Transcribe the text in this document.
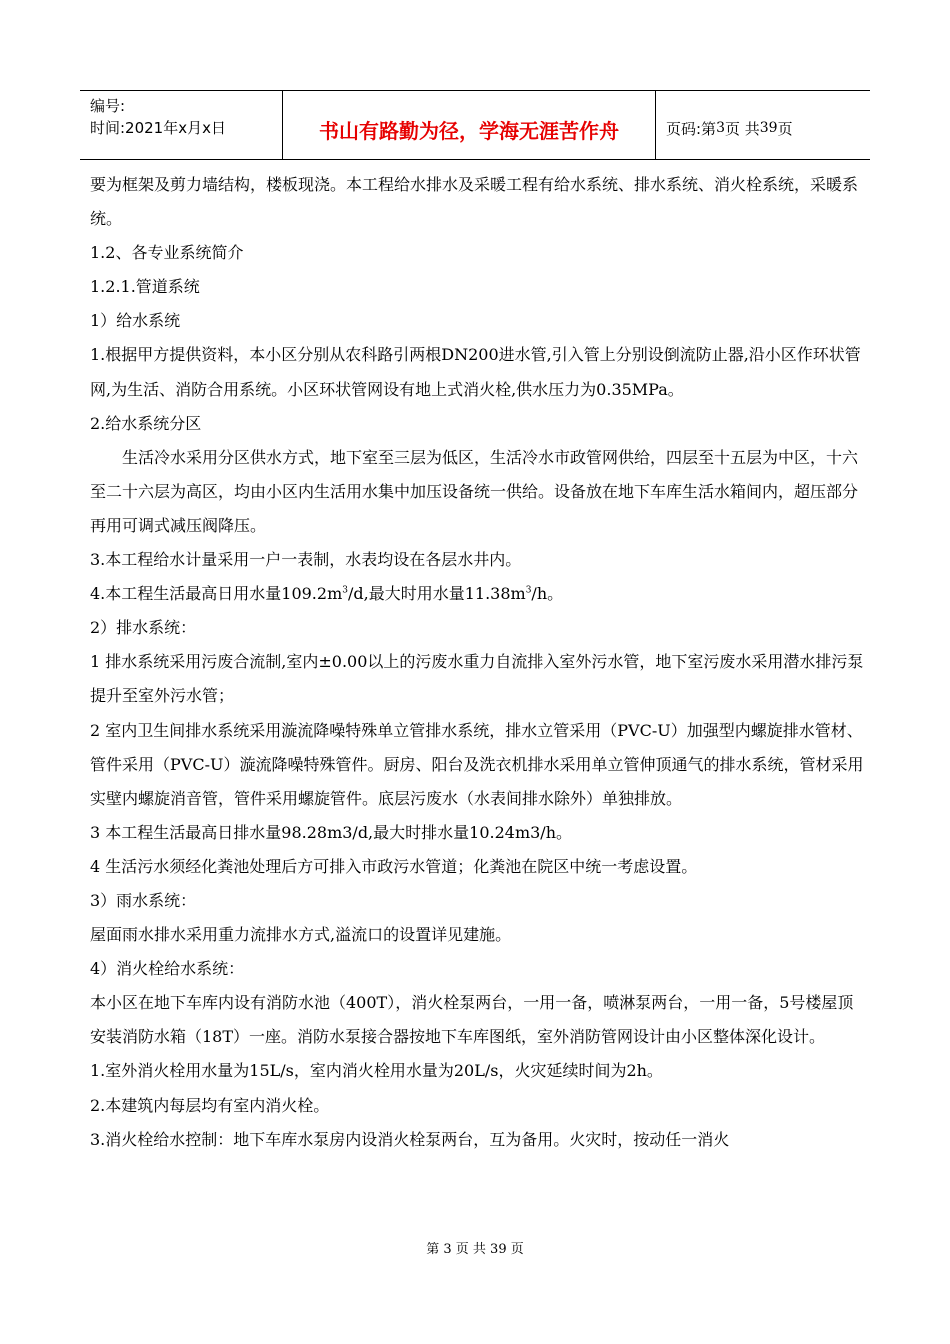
编号:
时间:2021年x月x日	书山有路勤为径，学海无涯苦作舟	页码:第 3 页 共 39 页

要为框架及剪力墙结构，楼板现浇。本工程给水排水及采暖工程有给水系统、排水系统、消火栓系统，采暖系统。

1.2、各专业系统简介

1.2.1.管道系统

1）给水系统

1.根据甲方提供资料，本小区分别从农科路引两根DN200进水管,引入管上分别设倒流防止器,沿小区作环状管网,为生活、消防合用系统。小区环状管网设有地上式消火栓,供水压力为0.35MPa。

2.给水系统分区

生活冷水采用分区供水方式，地下室至三层为低区，生活冷水市政管网供给，四层至十五层为中区，十六至二十六层为高区，均由小区内生活用水集中加压设备统一供给。设备放在地下车库生活水箱间内，超压部分再用可调式减压阀降压。

3.本工程给水计量采用一户一表制，水表均设在各层水井内。

4.本工程生活最高日用水量$109.2m^3/d$,最大时用水量$11.38m^3/h$。

2）排水系统：

1 排水系统采用污废合流制,室内±0.00以上的污废水重力自流排入室外污水管，地下室污废水采用潜水排污泵提升至室外污水管；

2 室内卫生间排水系统采用漩流降噪特殊单立管排水系统，排水立管采用（PVC-U）加强型内螺旋排水管材、管件采用（PVC-U）漩流降噪特殊管件。厨房、阳台及洗衣机排水采用单立管伸顶通气的排水系统，管材采用实壁内螺旋消音管，管件采用螺旋管件。底层污废水（水表间排水除外）单独排放。

3 本工程生活最高日排水量98.28m3/d,最大时排水量10.24m3/h。

4 生活污水须经化粪池处理后方可排入市政污水管道；化粪池在院区中统一考虑设置。

3）雨水系统：

屋面雨水排水采用重力流排水方式,溢流口的设置详见建施。

4）消火栓给水系统：

本小区在地下车库内设有消防水池（400T），消火栓泵两台，一用一备，喷淋泵两台，一用一备，5号楼屋顶安装消防水箱（18T）一座。消防水泵接合器按地下车库图纸，室外消防管网设计由小区整体深化设计。

1.室外消火栓用水量为15L/s，室内消火栓用水量为20L/s，火灾延续时间为2h。

2.本建筑内每层均有室内消火栓。

3.消火栓给水控制：地下车库水泵房内设消火栓泵两台，互为备用。火灾时，按动任一消火

第 3 页 共 39 页
